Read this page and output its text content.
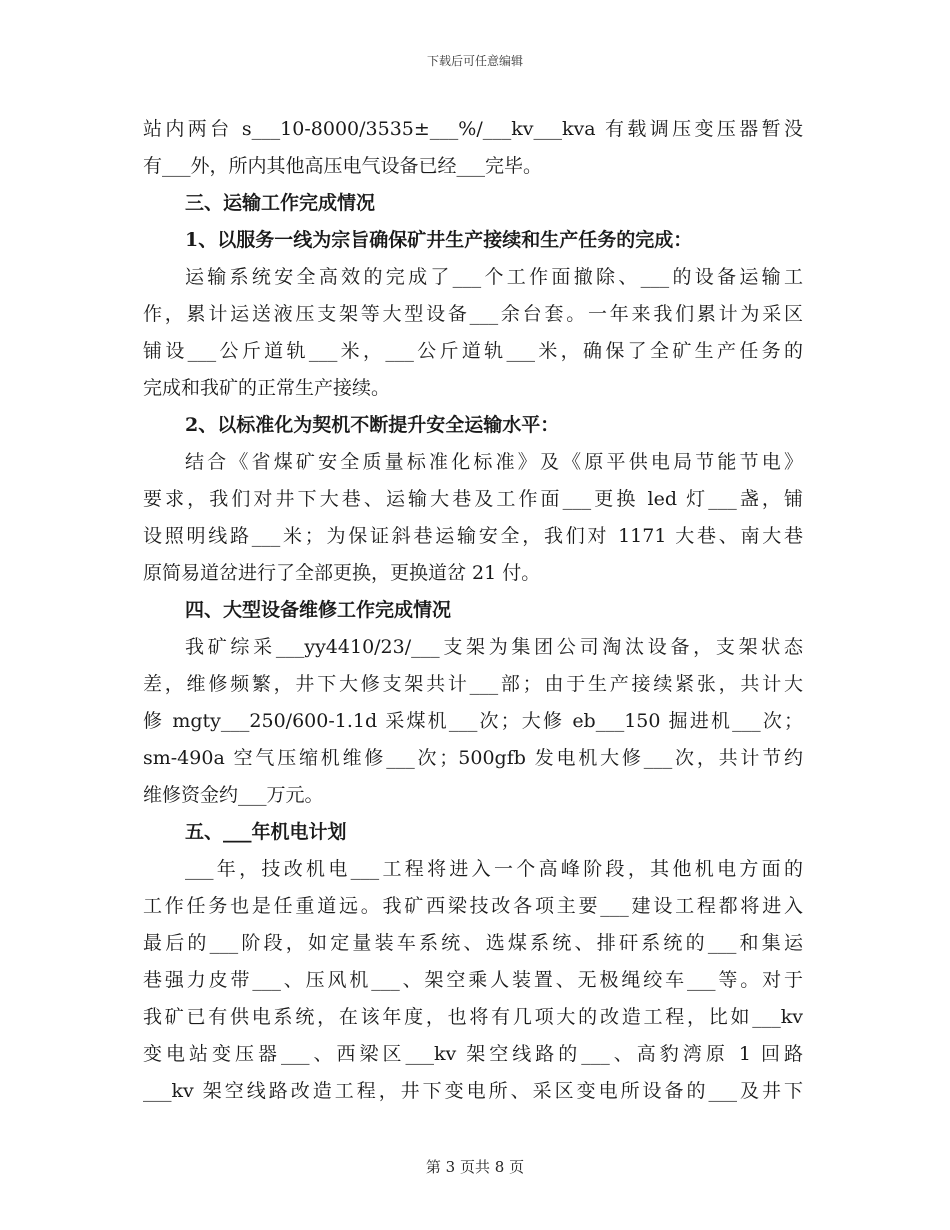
下载后可任意编辑
站内两台 s___10-8000/3535±___%/___kv___kva 有载调压变压器暂没
有___外，所内其他高压电气设备已经___完毕。
三、运输工作完成情况
1、以服务一线为宗旨确保矿井生产接续和生产任务的完成：
运输系统安全高效的完成了___个工作面撤除、___的设备运输工
作，累计运送液压支架等大型设备___余台套。一年来我们累计为采区
铺设___公斤道轨___米，___公斤道轨___米，确保了全矿生产任务的
完成和我矿的正常生产接续。
2、以标准化为契机不断提升安全运输水平：
结合《省煤矿安全质量标准化标准》及《原平供电局节能节电》
要求，我们对井下大巷、运输大巷及工作面___更换 led 灯___盏，铺
设照明线路___米；为保证斜巷运输安全，我们对 1171 大巷、南大巷
原简易道岔进行了全部更换，更换道岔 21 付。
四、大型设备维修工作完成情况
我矿综采___yy4410/23/___支架为集团公司淘汰设备，支架状态
差，维修频繁，井下大修支架共计___部；由于生产接续紧张，共计大
修 mgty___250/600-1.1d 采煤机___次；大修 eb___150 掘进机___次；
sm-490a 空气压缩机维修___次；500gfb 发电机大修___次，共计节约
维修资金约___万元。
五、___年机电计划
___年，技改机电___工程将进入一个高峰阶段，其他机电方面的
工作任务也是任重道远。我矿西梁技改各项主要___建设工程都将进入
最后的___阶段，如定量装车系统、选煤系统、排矸系统的___和集运
巷强力皮带___、压风机___、架空乘人装置、无极绳绞车___等。对于
我矿已有供电系统，在该年度，也将有几项大的改造工程，比如___kv
变电站变压器___、西梁区___kv 架空线路的___、高豹湾原 1 回路
___kv 架空线路改造工程，井下变电所、采区变电所设备的___及井下
第 3 页共 8 页
